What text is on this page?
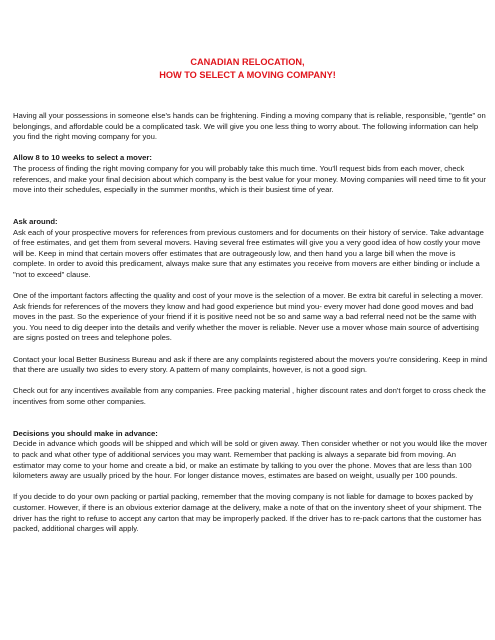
CANADIAN RELOCATION,
HOW TO SELECT A MOVING COMPANY!

Having all your possessions in someone else's hands can be frightening. Finding a moving company that is reliable, responsible, "gentle" on belongings, and affordable could be a complicated task. We will give you one less thing to worry about. The following information can help you find the right moving company for you.

Allow 8 to 10 weeks to select a mover:
The process of finding the right moving company for you will probably take this much time. You'll request bids from each mover, check references, and make your final decision about which company is the best value for your money. Moving companies will need time to fit your move into their schedules, especially in the summer months, which is their busiest time of year.

Ask around:
Ask each of your prospective movers for references from previous customers and for documents on their history of service. Take advantage of free estimates, and get them from several movers. Having several free estimates will give you a very good idea of how costly your move will be. Keep in mind that certain movers offer estimates that are outrageously low, and then hand you a large bill when the move is complete. In order to avoid this predicament, always make sure that any estimates you receive from movers are either binding or include a "not to exceed" clause.

One of the important factors affecting the quality and cost of your move is the selection of a mover. Be extra bit careful in selecting a mover. Ask friends for references of the movers they know and had good experience but mind you- every mover had done good moves and bad moves in the past. So the experience of your friend if it is positive need not be so and same way a bad referral need not be the same with you. You need to dig deeper into the details and verify whether the mover is reliable. Never use a mover whose main source of advertising are signs posted on trees and telephone poles.

Contact your local Better Business Bureau and ask if there are any complaints registered about the movers you're considering. Keep in mind that there are usually two sides to every story. A pattern of many complaints, however, is not a good sign.

Check out for any incentives available from any companies. Free packing material , higher discount rates and don't forget to cross check the incentives from some other companies.

Decisions you should make in advance:
Decide in advance which goods will be shipped and which will be sold or given away. Then consider whether or not you would like the mover to pack and what other type of additional services you may want. Remember that packing is always a separate bid from moving. An estimator may come to your home and create a bid, or make an estimate by talking to you over the phone. Moves that are less than 100 kilometers away are usually priced by the hour. For longer distance moves, estimates are based on weight, usually per 100 pounds.

If you decide to do your own packing or partial packing, remember that the moving company is not liable for damage to boxes packed by customer. However, if there is an obvious exterior damage at the delivery, make a note of that on the inventory sheet of your shipment. The driver has the right to refuse to accept any carton that may be improperly packed. If the driver has to re-pack cartons that the customer has packed, additional charges will apply.
